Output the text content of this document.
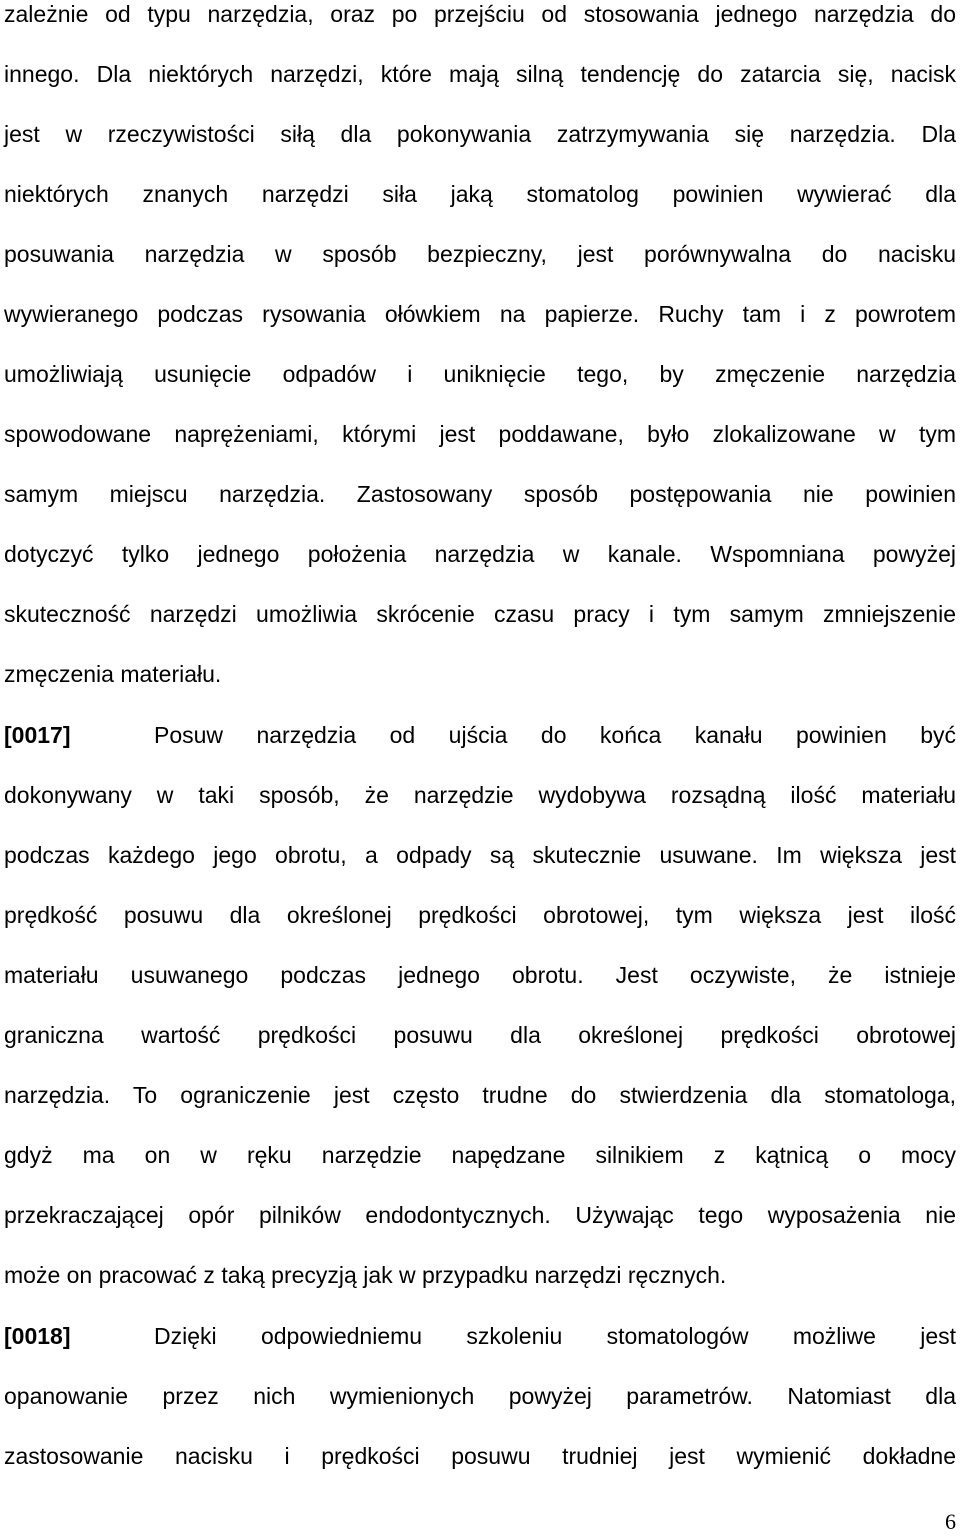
zależnie od typu narzędzia, oraz po przejściu od stosowania jednego narzędzia do
innego. Dla niektórych narzędzi, które mają silną tendencję do zatarcia się, nacisk
jest w rzeczywistości siłą dla pokonywania zatrzymywania się narzędzia. Dla
niektórych znanych narzędzi siła jaką stomatolog powinien wywierać dla
posuwania narzędzia w sposób bezpieczny, jest porównywalna do nacisku
wywieranego podczas rysowania ołówkiem na papierze. Ruchy tam i z powrotem
umożliwiają usunięcie odpadów i uniknięcie tego, by zmęczenie narzędzia
spowodowane naprężeniami, którymi jest poddawane, było zlokalizowane w tym
samym miejscu narzędzia. Zastosowany sposób postępowania nie powinien
dotyczyć tylko jednego położenia narzędzia w kanale. Wspomniana powyżej
skuteczność narzędzi umożliwia skrócenie czasu pracy i tym samym zmniejszenie
zmęczenia materiału.
[0017]	Posuw narzędzia od ujścia do końca kanału powinien być
dokonywany w taki sposób, że narzędzie wydobywa rozsądną ilość materiału
podczas każdego jego obrotu, a odpady są skutecznie usuwane. Im większa jest
prędkość posuwu dla określonej prędkości obrotowej, tym większa jest ilość
materiału usuwanego podczas jednego obrotu. Jest oczywiste, że istnieje
graniczna wartość prędkości posuwu dla określonej prędkości obrotowej
narzędzia. To ograniczenie jest często trudne do stwierdzenia dla stomatologa,
gdyż ma on w ręku narzędzie napędzane silnikiem z kątnicą o mocy
przekraczającej opór pilników endodontycznych. Używając tego wyposażenia nie
może on pracować z taką precyzją jak w przypadku narzędzi ręcznych.
[0018]	Dzięki odpowiedniemu szkoleniu stomatologów możliwe jest
opanowanie przez nich wymienionych powyżej parametrów. Natomiast dla
zastosowanie nacisku i prędkości posuwu trudniej jest wymienić dokładne
6
